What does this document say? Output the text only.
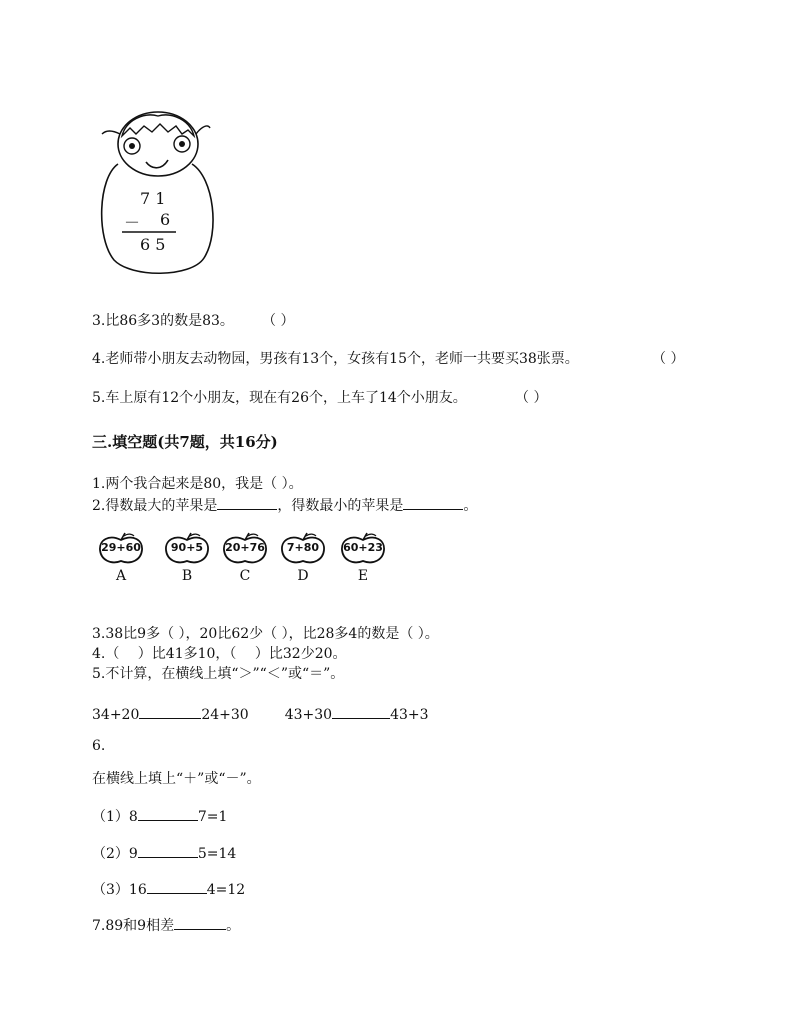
7 1
－ 6
6 5
3.比86多3的数是83。 （ ）
4.老师带小朋友去动物园，男孩有13个，女孩有15个，老师一共要买38张票。	（ ）
5.车上原有12个小朋友，现在有26个，上车了14个小朋友。	（ ）
三.填空题(共7题，共16分)
1.两个我合起来是80，我是（ ）。
2.得数最大的苹果是	，得数最小的苹果是	。
29+60
A
90+5
B
20+76
C
7+80
D
60+23
E
3.38比9多（ ），20比62少（ ），比28多4的数是（ ）。
4.（　 ）比41多10，（　 ）比32少20。
5.不计算，在横线上填“＞”“＜”或“＝”。
34+20	24+30	43+30	43+3
6.
在横线上填上“＋”或“－”。
（1）8	7=1
（2）9	5=14
（3）16	4=12
7.89和9相差	。
